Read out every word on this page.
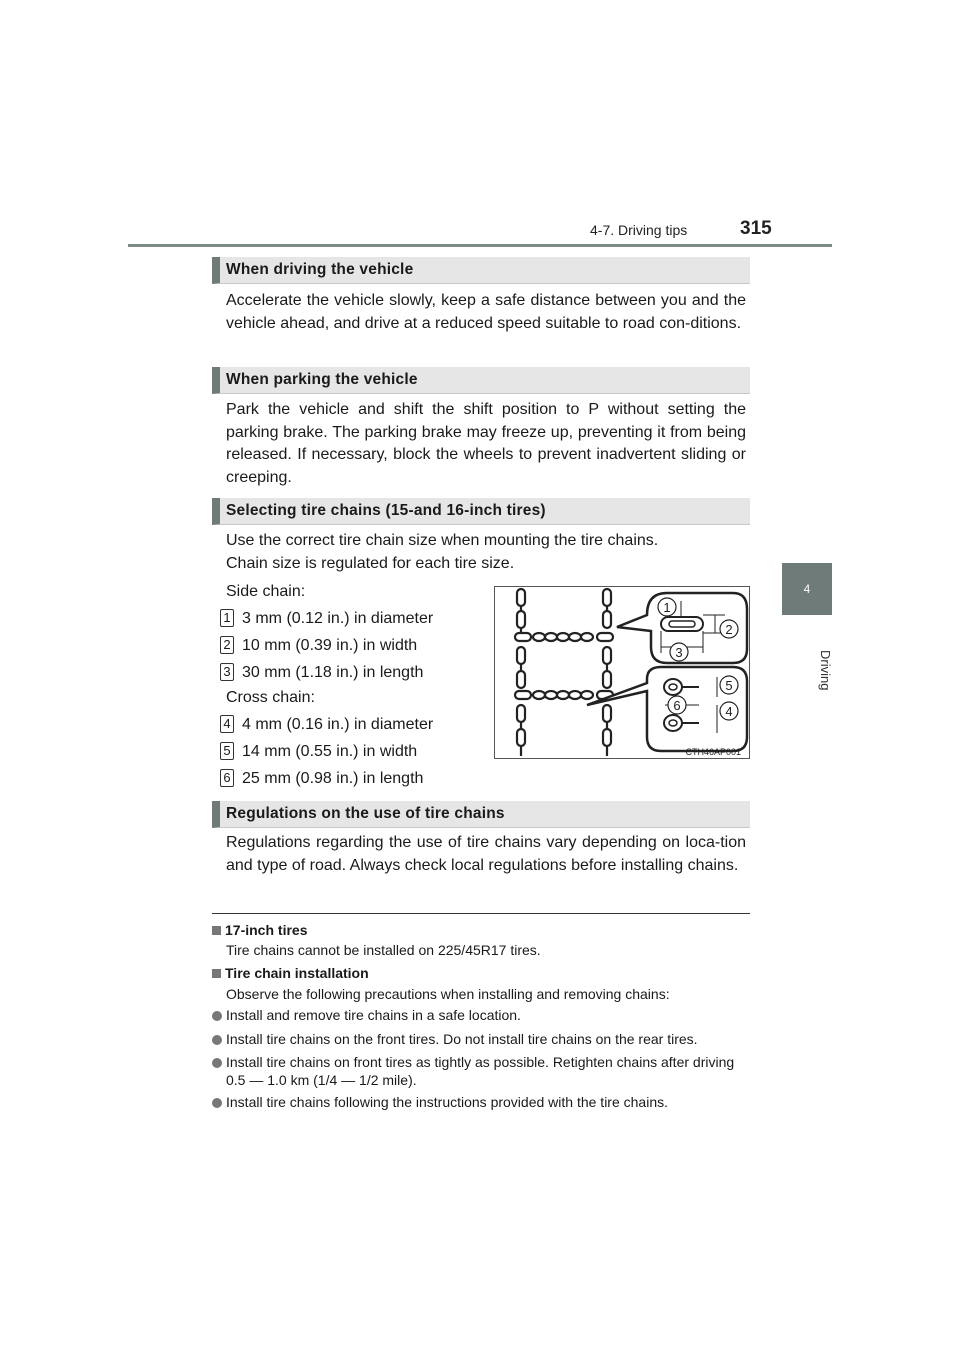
4-7. Driving tips	315
4
Driving
When driving the vehicle
Accelerate the vehicle slowly, keep a safe distance between you and the vehicle ahead, and drive at a reduced speed suitable to road con-ditions.
When parking the vehicle
Park the vehicle and shift the shift position to P without setting the parking brake. The parking brake may freeze up, preventing it from being released. If necessary, block the wheels to prevent inadvertent sliding or creeping.
Selecting tire chains (15-and 16-inch tires)
Use the correct tire chain size when mounting the tire chains.
Chain size is regulated for each tire size.
Side chain:
1 3 mm (0.12 in.) in diameter
2 10 mm (0.39 in.) in width
3 30 mm (1.18 in.) in length
Cross chain:
4 4 mm (0.16 in.) in diameter
5 14 mm (0.55 in.) in width
6 25 mm (0.98 in.) in length
1
2
3
5
6	4
CTH46AP001
Regulations on the use of tire chains
Regulations regarding the use of tire chains vary depending on loca-tion and type of road. Always check local regulations before installing chains.
17-inch tires
Tire chains cannot be installed on 225/45R17 tires.
Tire chain installation
Observe the following precautions when installing and removing chains:
Install and remove tire chains in a safe location.
Install tire chains on the front tires. Do not install tire chains on the rear tires.
Install tire chains on front tires as tightly as possible. Retighten chains after driving 0.5 — 1.0 km (1/4 — 1/2 mile).
Install tire chains following the instructions provided with the tire chains.
